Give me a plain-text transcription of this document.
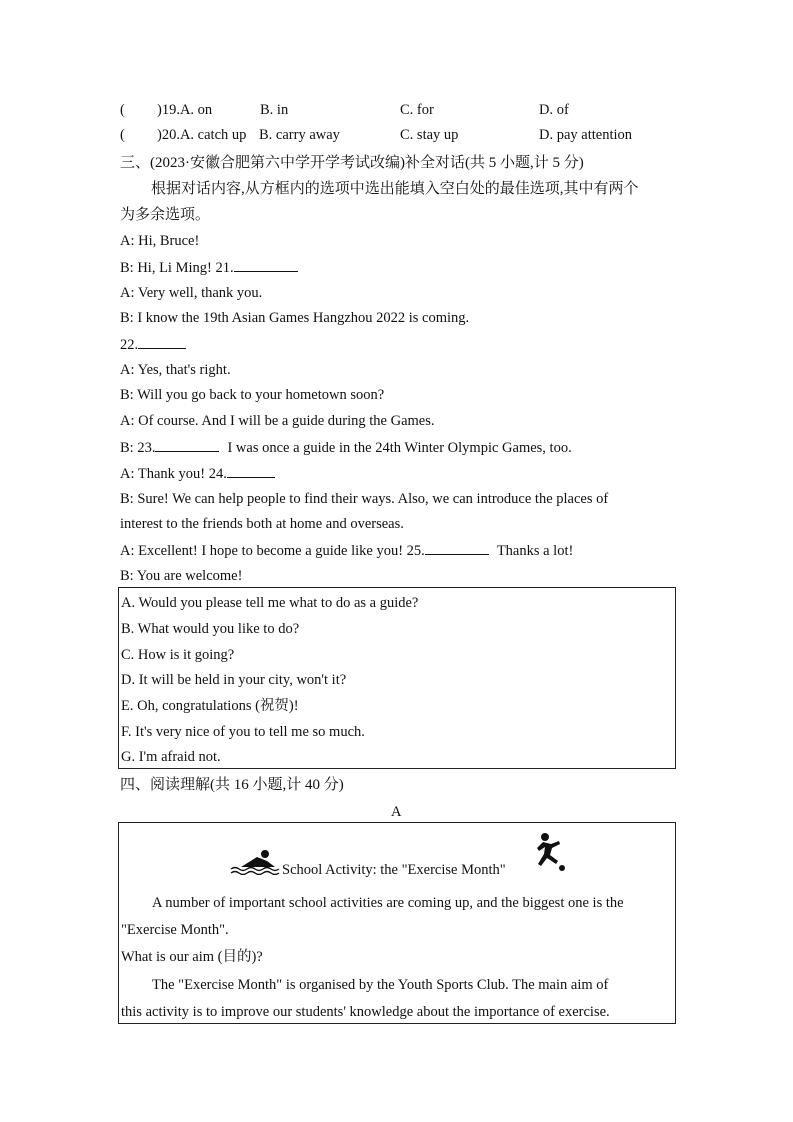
( )19.A. on	B. in	C. for	D. of
( )20.A. catch up B. carry away	C. stay up	D. pay attention
三、(2023·安徽合肥第六中学开学考试改编)补全对话(共 5 小题,计 5 分)
根据对话内容,从方框内的选项中选出能填入空白处的最佳选项,其中有两个
为多余选项。
A: Hi, Bruce!
B: Hi, Li Ming! 21.
A: Very well, thank you.
B: I know the 19th Asian Games Hangzhou 2022 is coming.
22.
A: Yes, that's right.
B: Will you go back to your hometown soon?
A: Of course. And I will be a guide during the Games.
B: 23.	I was once a guide in the 24th Winter Olympic Games, too.
A: Thank you! 24.
B: Sure! We can help people to find their ways. Also, we can introduce the places of
interest to the friends both at home and overseas.
A: Excellent! I hope to become a guide like you! 25.	Thanks a lot!
B: You are welcome!
A. Would you please tell me what to do as a guide?
B. What would you like to do?
C. How is it going?
D. It will be held in your city, won't it?
E. Oh, congratulations (祝贺)!
F. It's very nice of you to tell me so much.
G. I'm afraid not.
四、阅读理解(共 16 小题,计 40 分)
A
School Activity: the "Exercise Month"
A number of important school activities are coming up, and the biggest one is the
"Exercise Month".
What is our aim (目的)?
The "Exercise Month" is organised by the Youth Sports Club. The main aim of
this activity is to improve our students' knowledge about the importance of exercise.
